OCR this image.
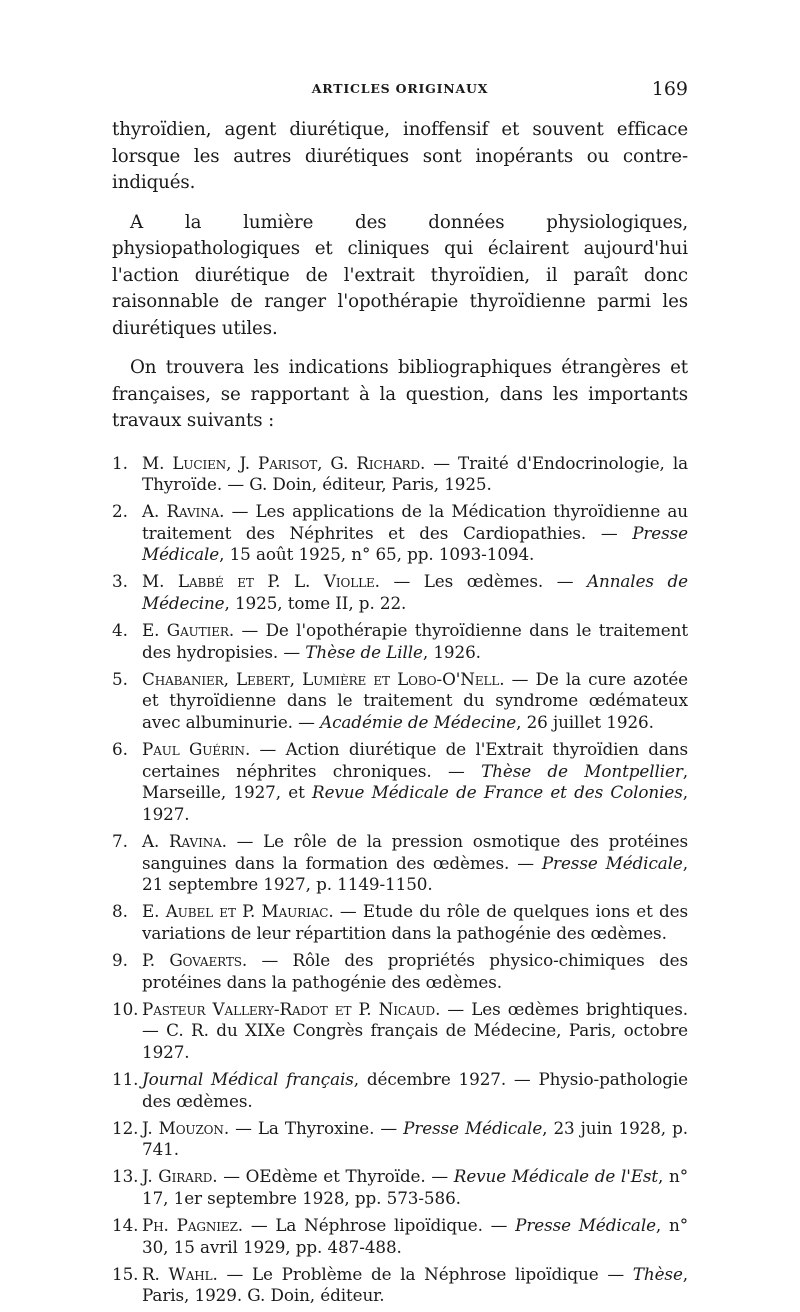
ARTICLES ORIGINAUX	169

thyroïdien, agent diurétique, inoffensif et souvent efficace lorsque les autres diurétiques sont inopérants ou contre-indiqués.

A la lumière des données physiologiques, physiopathologiques et cliniques qui éclairent aujourd'hui l'action diurétique de l'extrait thyroïdien, il paraît donc raisonnable de ranger l'opothérapie thyroïdienne parmi les diurétiques utiles.

On trouvera les indications bibliographiques étrangères et françaises, se rapportant à la question, dans les importants travaux suivants :

1. M. Lucien, J. Parisot, G. Richard. — Traité d'Endocrinologie, la Thyroïde. — G. Doin, éditeur, Paris, 1925.

2. A. Ravina. — Les applications de la Médication thyroïdienne au traitement des Néphrites et des Cardiopathies. — Presse Médicale, 15 août 1925, n° 65, pp. 1093-1094.

3. M. Labbé et P. L. Violle. — Les œdèmes. — Annales de Médecine, 1925, tome II, p. 22.

4. E. Gautier. — De l'opothérapie thyroïdienne dans le traitement des hydropisies. — Thèse de Lille, 1926.

5. Chabanier, Lebert, Lumière et Lobo-O'Nell. — De la cure azotée et thyroïdienne dans le traitement du syndrome œdémateux avec albuminurie. — Académie de Médecine, 26 juillet 1926.

6. Paul Guérin. — Action diurétique de l'Extrait thyroïdien dans certaines néphrites chroniques. — Thèse de Montpellier, Marseille, 1927, et Revue Médicale de France et des Colonies, 1927.

7. A. Ravina. — Le rôle de la pression osmotique des protéines sanguines dans la formation des œdèmes. — Presse Médicale, 21 septembre 1927, p. 1149-1150.

8. E. Aubel et P. Mauriac. — Etude du rôle de quelques ions et des variations de leur répartition dans la pathogénie des œdèmes.

9. P. Govaerts. — Rôle des propriétés physico-chimiques des protéines dans la pathogénie des œdèmes.

10. Pasteur Vallery-Radot et P. Nicaud. — Les œdèmes brightiques. — C. R. du XIXe Congrès français de Médecine, Paris, octobre 1927.

11. Journal Médical français, décembre 1927. — Physio-pathologie des œdèmes.

12. J. Mouzon. — La Thyroxine. — Presse Médicale, 23 juin 1928, p. 741.

13. J. Girard. — OEdème et Thyroïde. — Revue Médicale de l'Est, n° 17, 1er septembre 1928, pp. 573-586.

14. Ph. Pagniez. — La Néphrose lipoïdique. — Presse Médicale, n° 30, 15 avril 1929, pp. 487-488.

15. R. Wahl. — Le Problème de la Néphrose lipoïdique — Thèse, Paris, 1929. G. Doin, éditeur.
